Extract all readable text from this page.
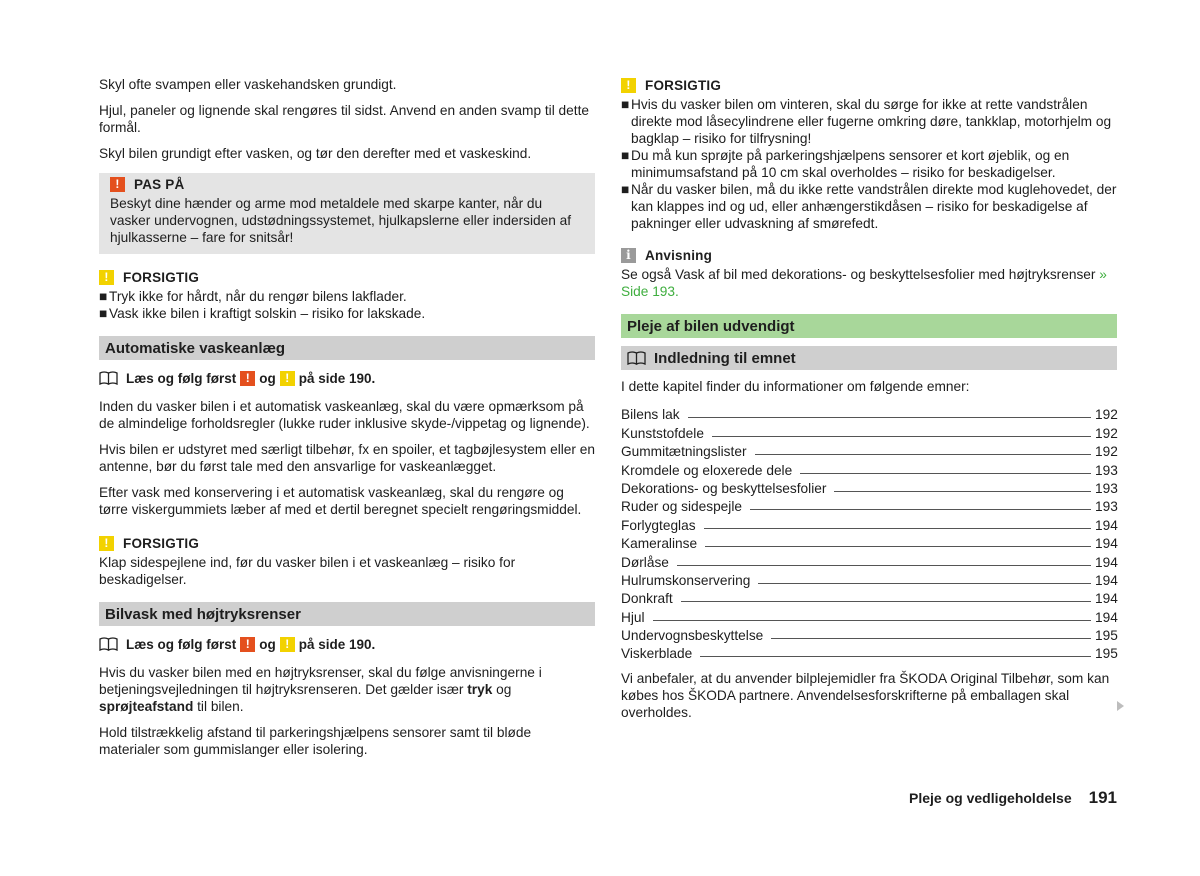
Skyl ofte svampen eller vaskehandsken grundigt.

Hjul, paneler og lignende skal rengøres til sidst. Anvend en anden svamp til dette formål.

Skyl bilen grundigt efter vasken, og tør den derefter med et vaskeskind.

!	PAS PÅ

Beskyt dine hænder og arme mod metaldele med skarpe kanter, når du vasker undervognen, udstødningssystemet, hjulkapslerne eller indersiden af hjulkasserne – fare for snitsår!

!	FORSIGTIG
■ Tryk ikke for hårdt, når du rengør bilens lakflader.
■ Vask ikke bilen i kraftigt solskin – risiko for lakskade.
Automatiske vaskeanlæg
Læs og følg først ! og ! på side 190.

Inden du vasker bilen i et automatisk vaskeanlæg, skal du være opmærksom på de almindelige forholdsregler (lukke ruder inklusive skyde-/vippetag og lignende).

Hvis bilen er udstyret med særligt tilbehør, fx en spoiler, et tagbøjlesystem eller en antenne, bør du først tale med den ansvarlige for vaskeanlægget.

Efter vask med konservering i et automatisk vaskeanlæg, skal du rengøre og tørre viskergummiets læber af med et dertil beregnet specielt rengøringsmiddel.

!	FORSIGTIG

Klap sidespejlene ind, før du vasker bilen i et vaskeanlæg – risiko for beskadigelser.

Bilvask med højtryksrenser
Læs og følg først ! og ! på side 190.

Hvis du vasker bilen med en højtryksrenser, skal du følge anvisningerne i betjeningsvejledningen til højtryksrenseren. Det gælder især tryk og sprøjteafstand til bilen.

Hold tilstrækkelig afstand til parkeringshjælpens sensorer samt til bløde materialer som gummislanger eller isolering.

!	FORSIGTIG
■ Hvis du vasker bilen om vinteren, skal du sørge for ikke at rette vandstrålen direkte mod låsecylindrene eller fugerne omkring døre, tankklap, motorhjelm og bagklap – risiko for tilfrysning!
■ Du må kun sprøjte på parkeringshjælpens sensorer et kort øjeblik, og en minimumsafstand på 10 cm skal overholdes – risiko for beskadigelser.
■ Når du vasker bilen, må du ikke rette vandstrålen direkte mod kuglehovedet, der kan klappes ind og ud, eller anhængerstikdåsen – risiko for beskadigelse af pakninger eller udvaskning af smørefedt.
i	Anvisning

Se også Vask af bil med dekorations- og beskyttelsesfolier med højtryksrenser » Side 193.

Pleje af bilen udvendigt
Indledning til emnet

I dette kapitel finder du informationer om følgende emner:

Bilens lak	192
Kunststofdele	192
Gummitætningslister	192
Kromdele og eloxerede dele	193
Dekorations- og beskyttelsesfolier	193
Ruder og sidespejle	193
Forlygteglas	194
Kameralinse	194
Dørlåse	194
Hulrumskonservering	194
Donkraft	194
Hjul	194
Undervognsbeskyttelse	195
Viskerblade	195

Vi anbefaler, at du anvender bilplejemidler fra ŠKODA Original Tilbehør, som kan købes hos ŠKODA partnere. Anvendelsesforskrifterne på emballagen skal overholdes.

Pleje og vedligeholdelse 191
